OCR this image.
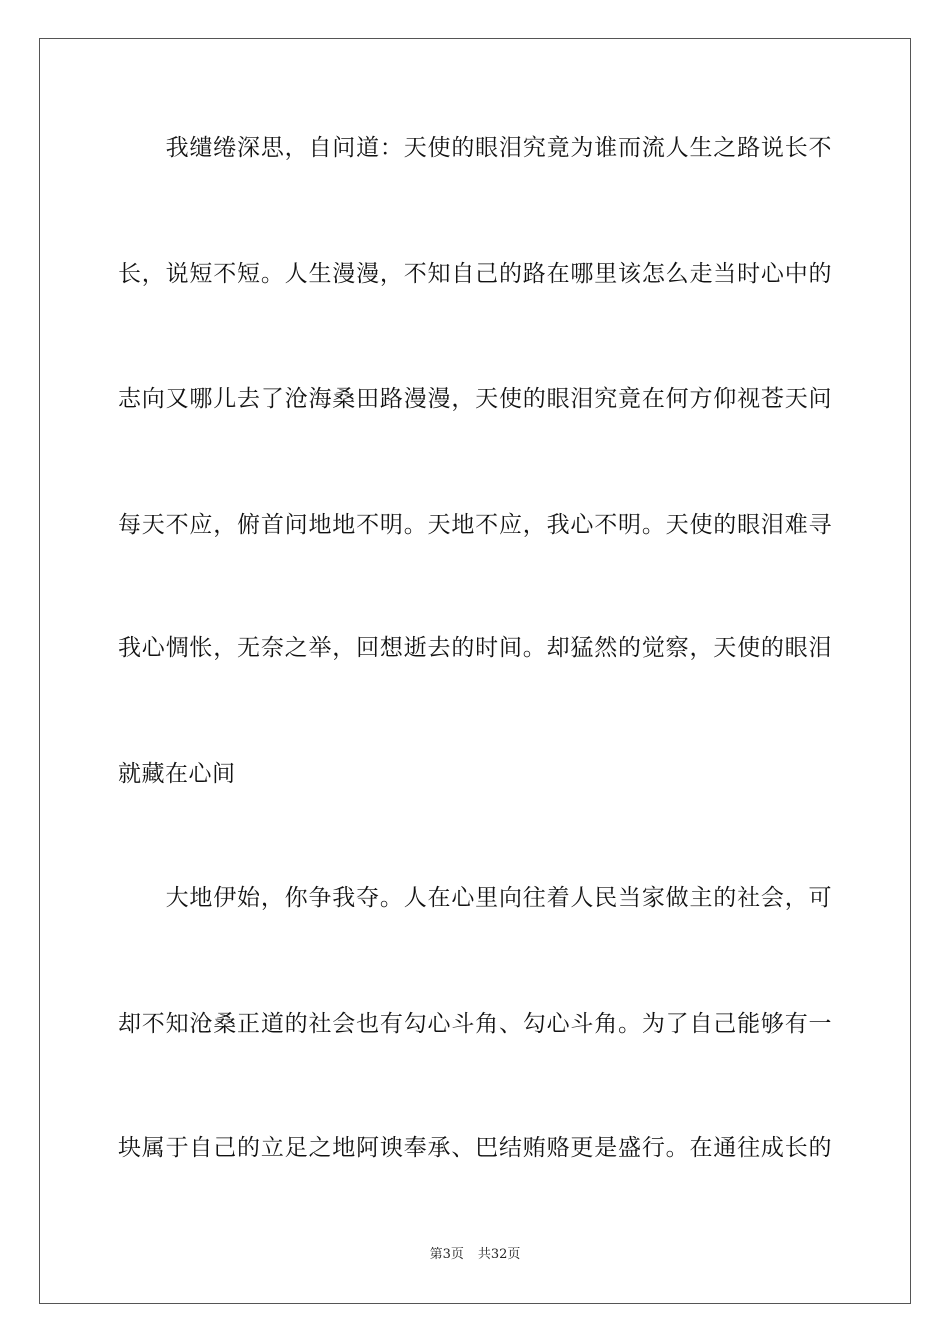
　　我缱绻深思，自问道：天使的眼泪究竟为谁而流人生之路说长不
长，说短不短。人生漫漫，不知自己的路在哪里该怎么走当时心中的
志向又哪儿去了沧海桑田路漫漫，天使的眼泪究竟在何方仰视苍天问
每天不应，俯首问地地不明。天地不应，我心不明。天使的眼泪难寻
我心惆怅，无奈之举，回想逝去的时间。却猛然的觉察，天使的眼泪
就藏在心间
　　大地伊始，你争我夺。人在心里向往着人民当家做主的社会，可
却不知沧桑正道的社会也有勾心斗角、勾心斗角。为了自己能够有一
块属于自己的立足之地阿谀奉承、巴结贿赂更是盛行。在通往成长的
第3页 共32页
